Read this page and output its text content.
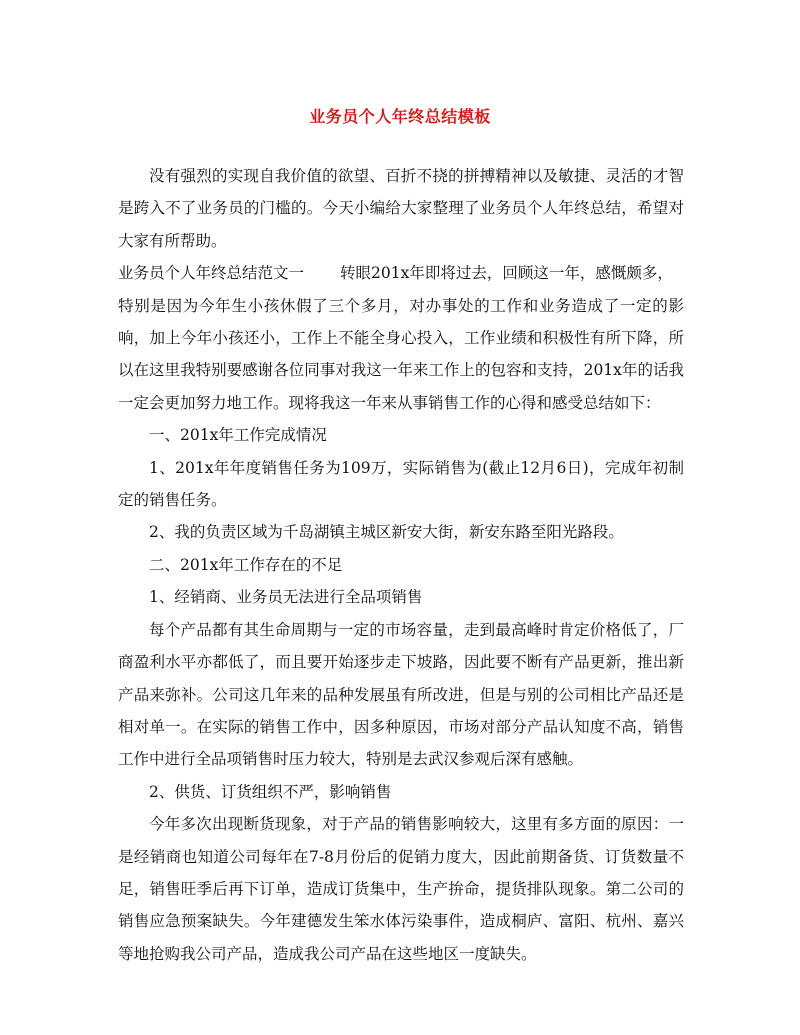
业务员个人年终总结模板

没有强烈的实现自我价值的欲望、百折不挠的拼搏精神以及敏捷、灵活的才智是跨入不了业务员的门槛的。今天小编给大家整理了业务员个人年终总结，希望对大家有所帮助。

业务员个人年终总结范文一 转眼201x年即将过去，回顾这一年，感慨颇多，

特别是因为今年生小孩休假了三个多月，对办事处的工作和业务造成了一定的影响，加上今年小孩还小，工作上不能全身心投入，工作业绩和积极性有所下降，所以在这里我特别要感谢各位同事对我这一年来工作上的包容和支持，201x年的话我一定会更加努力地工作。现将我这一年来从事销售工作的心得和感受总结如下：

一、201x年工作完成情况

1、201x年年度销售任务为109万，实际销售为(截止12月6日)，完成年初制定的销售任务。

2、我的负责区域为千岛湖镇主城区新安大街，新安东路至阳光路段。

二、201x年工作存在的不足

1、经销商、业务员无法进行全品项销售

每个产品都有其生命周期与一定的市场容量，走到最高峰时肯定价格低了，厂商盈利水平亦都低了，而且要开始逐步走下坡路，因此要不断有产品更新，推出新产品来弥补。公司这几年来的品种发展虽有所改进，但是与别的公司相比产品还是相对单一。在实际的销售工作中，因多种原因，市场对部分产品认知度不高，销售工作中进行全品项销售时压力较大，特别是去武汉参观后深有感触。

2、供货、订货组织不严，影响销售

今年多次出现断货现象，对于产品的销售影响较大，这里有多方面的原因：一是经销商也知道公司每年在7-8月份后的促销力度大，因此前期备货、订货数量不足，销售旺季后再下订单，造成订货集中，生产拚命，提货排队现象。第二公司的销售应急预案缺失。今年建德发生笨水体污染事件，造成桐庐、富阳、杭州、嘉兴等地抢购我公司产品，造成我公司产品在这些地区一度缺失。
